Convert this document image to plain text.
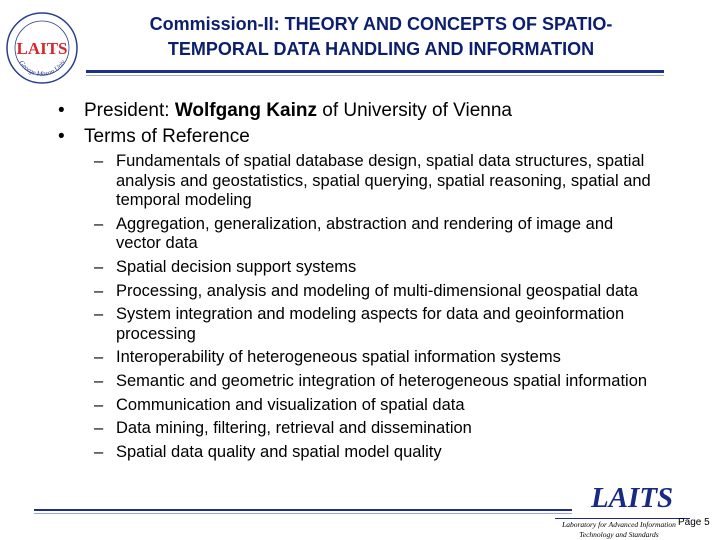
George Mason Univ
LAITS
Commission-II: THEORY AND CONCEPTS OF SPATIO-
TEMPORAL DATA HANDLING AND INFORMATION
• President: Wolfgang Kainz of University of Vienna
• Terms of Reference
– Fundamentals of spatial database design, spatial data structures, spatial analysis and geostatistics, spatial querying, spatial reasoning, spatial and temporal modeling
– Aggregation, generalization, abstraction and rendering of image and vector data
– Spatial decision support systems
– Processing, analysis and modeling of multi-dimensional geospatial data
– System integration and modeling aspects for data and geoinformation processing
– Interoperability of heterogeneous spatial information systems
– Semantic and geometric integration of heterogeneous spatial information
– Communication and visualization of spatial data
– Data mining, filtering, retrieval and dissemination
– Spatial data quality and spatial model quality
LAITS
Laboratory for Advanced Information
Technology and Standards
Page 5
